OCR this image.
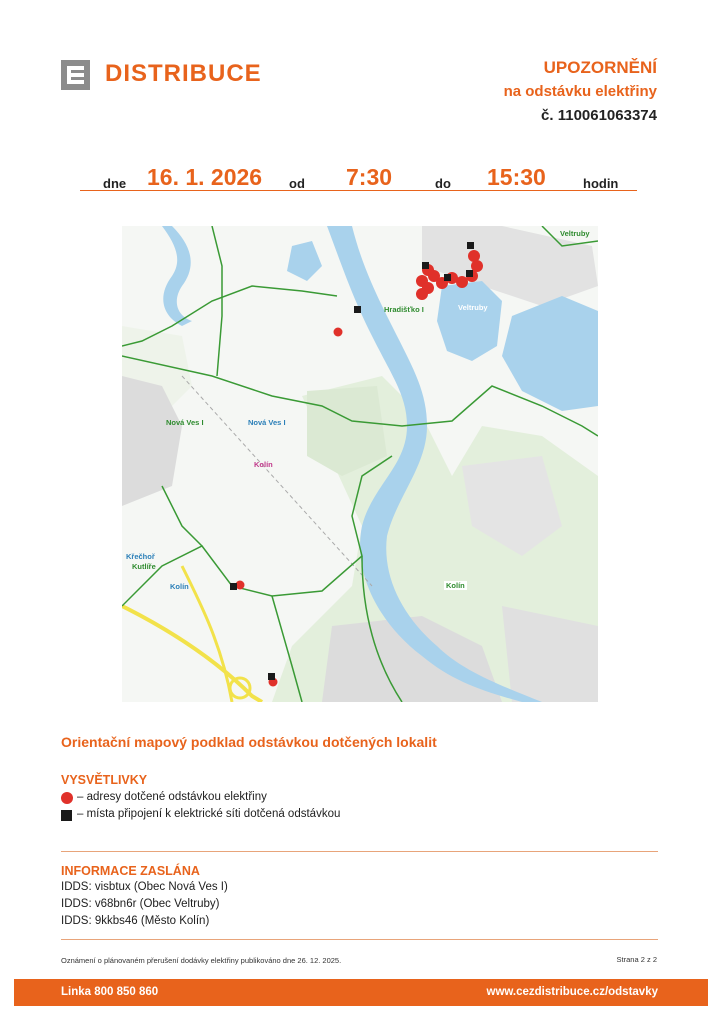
DISTRIBUCE	UPOZORNĚNÍ
na odstávku elektřiny
č. 110061063374
dne 16. 1. 2026 od 7:30	do 15:30	hodin
Veltruby
Hradišťko I	Veltruby
Nová Ves I	Nová Ves I
Kolín
Křečhoř
Kutlíře
Kolín	Kolín
Orientační mapový podklad odstávkou dotčených lokalit
VYSVĚTLIVKY
– adresy dotčené odstávkou elektřiny
– místa připojení k elektrické síti dotčená odstávkou
INFORMACE ZASLÁNA
IDDS: visbtux (Obec Nová Ves I)
IDDS: v68bn6r (Obec Veltruby)
IDDS: 9kkbs46 (Město Kolín)
Oznámení o plánovaném přerušení dodávky elektřiny publikováno dne 26. 12. 2025.	Strana 2 z 2
Linka 800 850 860	www.cezdistribuce.cz/odstavky
